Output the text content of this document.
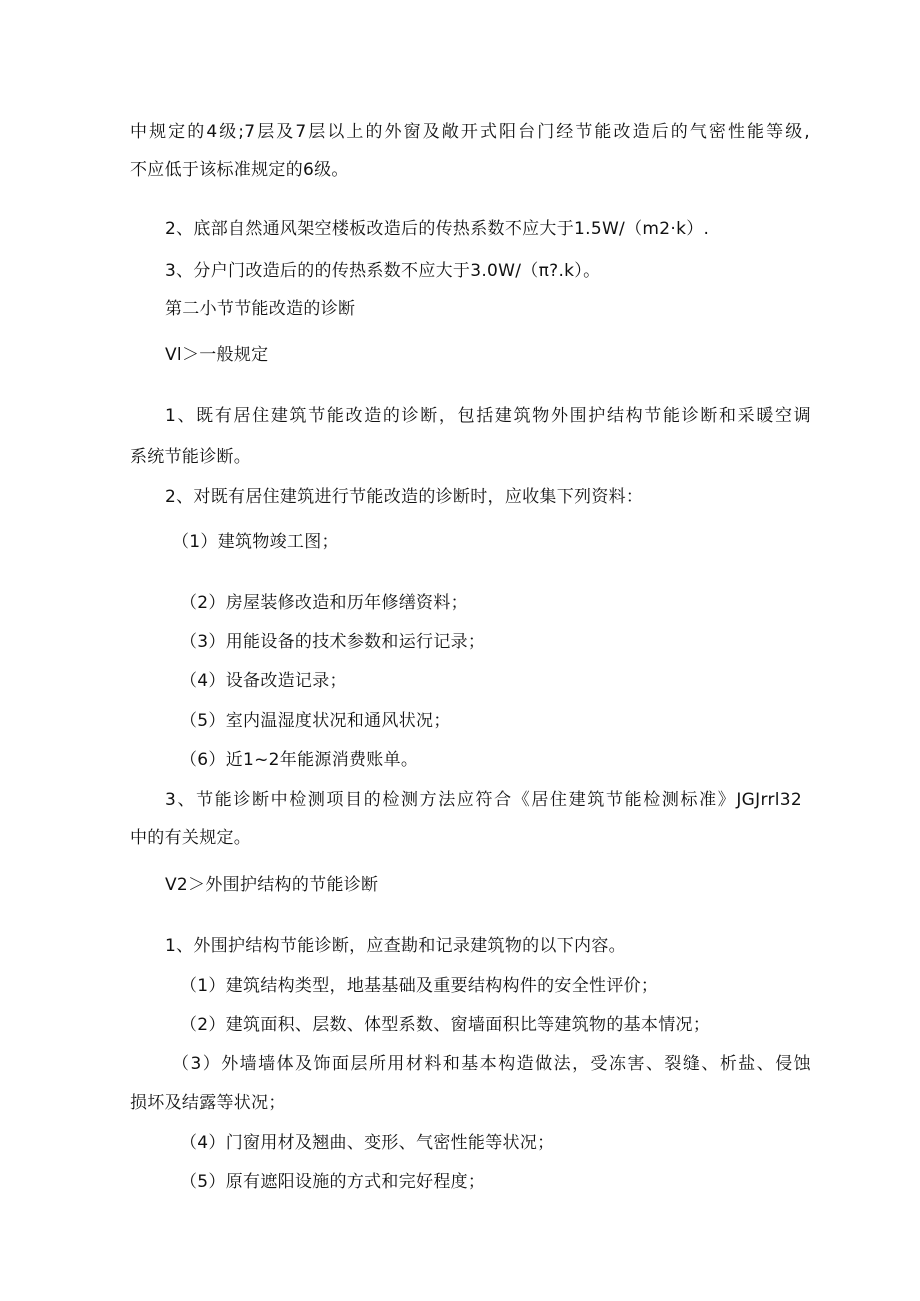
中规定的4级;7层及7层以上的外窗及敞开式阳台门经节能改造后的气密性能等级,
不应低于该标准规定的6级。
2、底部自然通风架空楼板改造后的传热系数不应大于1.5W∕（m2·k）.
3、分户门改造后的的传热系数不应大于3.0W∕（π?.k）。
第二小节节能改造的诊断
Vl＞一般规定
1、既有居住建筑节能改造的诊断，包括建筑物外围护结构节能诊断和采暖空调
系统节能诊断。
2、对既有居住建筑进行节能改造的诊断时，应收集下列资料：
（1）建筑物竣工图；
（2）房屋装修改造和历年修缮资料；
（3）用能设备的技术参数和运行记录；
（4）设备改造记录；
（5）室内温湿度状况和通风状况；
（6）近1~2年能源消费账单。
3、节能诊断中检测项目的检测方法应符合《居住建筑节能检测标准》JGJrrl32
中的有关规定。
V2＞外围护结构的节能诊断
1、外围护结构节能诊断，应查勘和记录建筑物的以下内容。
（1）建筑结构类型，地基基础及重要结构构件的安全性评价；
（2）建筑面积、层数、体型系数、窗墙面积比等建筑物的基本情况；
（3）外墙墙体及饰面层所用材料和基本构造做法，受冻害、裂缝、析盐、侵蚀
损坏及结露等状况；
（4）门窗用材及翘曲、变形、气密性能等状况；
（5）原有遮阳设施的方式和完好程度；
